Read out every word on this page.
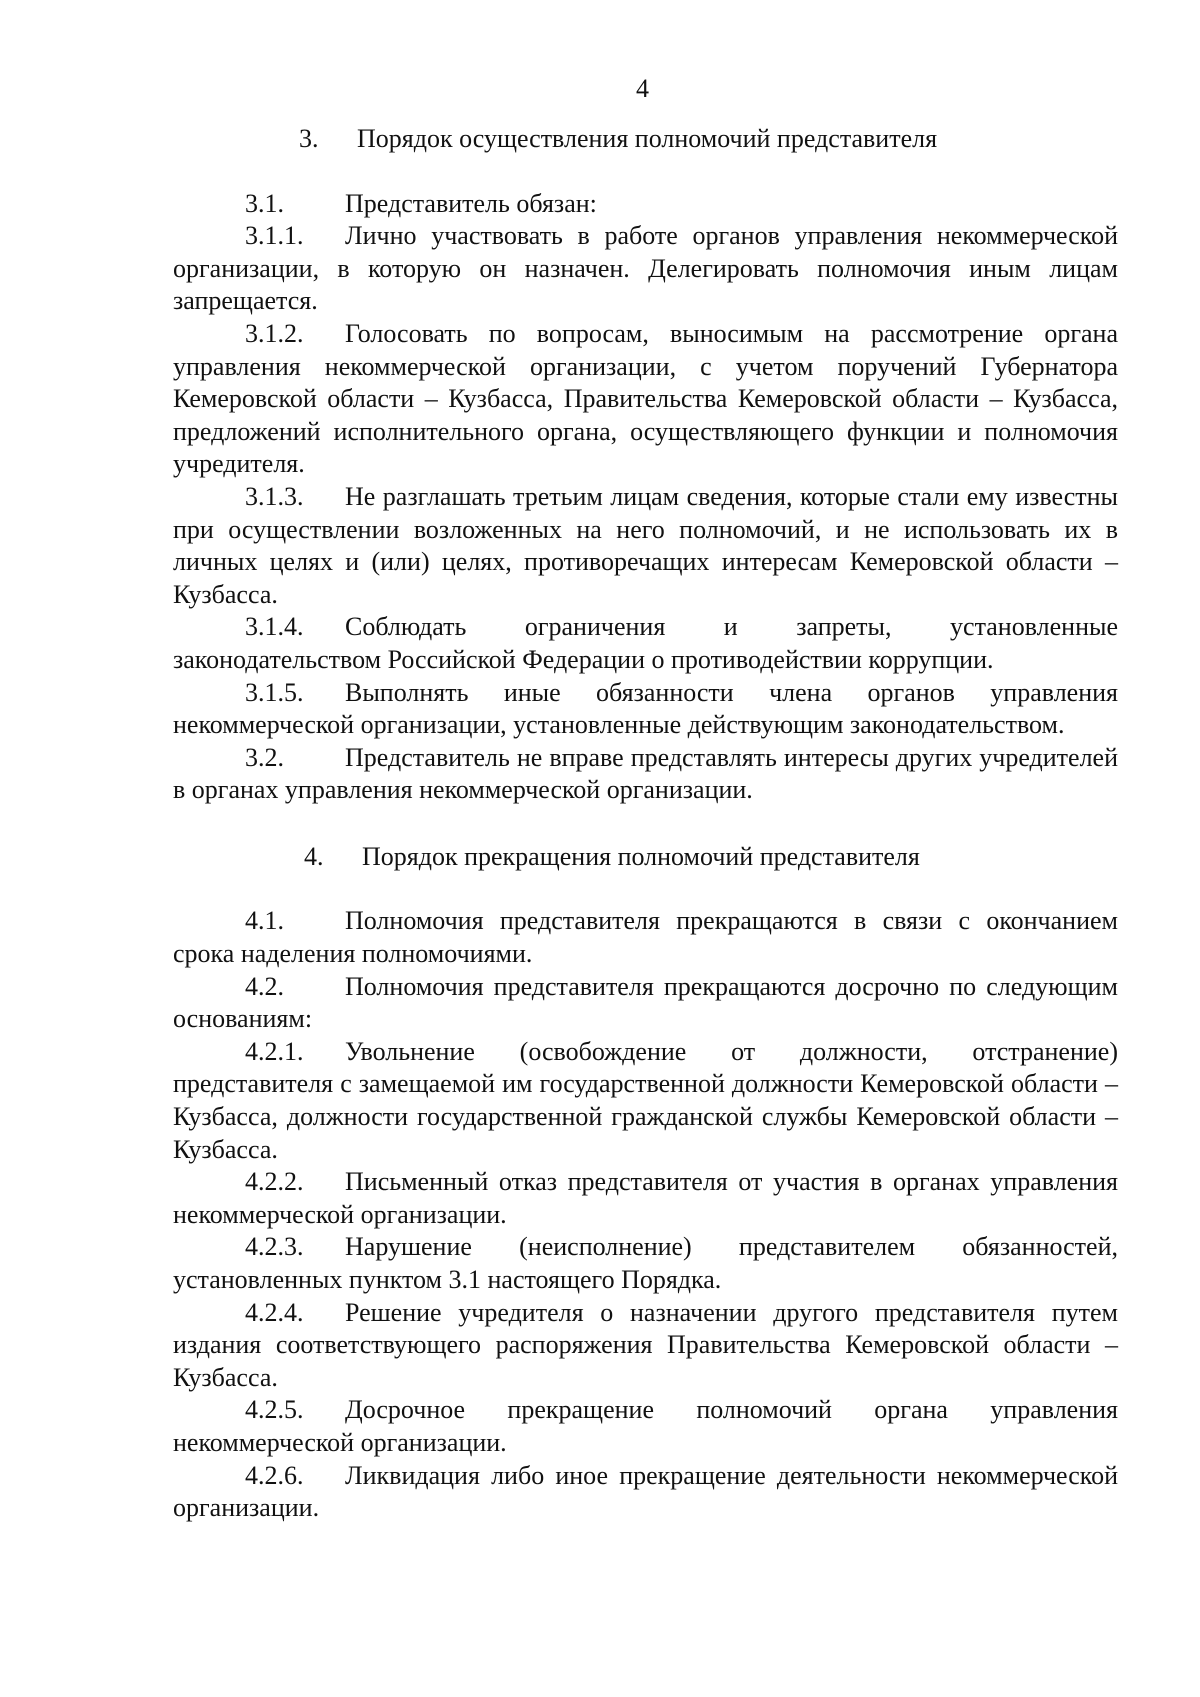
4
3.	Порядок осуществления полномочий представителя

3.1. Представитель обязан:

3.1.1. Лично участвовать в работе органов управления некоммерческой организации, в которую он назначен. Делегировать полномочия иным лицам запрещается.

3.1.2. Голосовать по вопросам, выносимым на рассмотрение органа управления некоммерческой организации, с учетом поручений Губернатора Кемеровской области – Кузбасса, Правительства Кемеровской области – Кузбасса, предложений исполнительного органа, осуществляющего функции и полномочия учредителя.

3.1.3. Не разглашать третьим лицам сведения, которые стали ему известны при осуществлении возложенных на него полномочий, и не использовать их в личных целях и (или) целях, противоречащих интересам Кемеровской области – Кузбасса.

3.1.4. Соблюдать ограничения и запреты, установленные законодательством Российской Федерации о противодействии коррупции.

3.1.5. Выполнять иные обязанности члена органов управления некоммерческой организации, установленные действующим законодательством.

3.2. Представитель не вправе представлять интересы других учредителей в органах управления некоммерческой организации.

4.	Порядок прекращения полномочий представителя

4.1. Полномочия представителя прекращаются в связи с окончанием срока наделения полномочиями.

4.2. Полномочия представителя прекращаются досрочно по следующим основаниям:

4.2.1. Увольнение (освобождение от должности, отстранение) представителя с замещаемой им государственной должности Кемеровской области – Кузбасса, должности государственной гражданской службы Кемеровской области – Кузбасса.

4.2.2. Письменный отказ представителя от участия в органах управления некоммерческой организации.

4.2.3. Нарушение (неисполнение) представителем обязанностей, установленных пунктом 3.1 настоящего Порядка.

4.2.4. Решение учредителя о назначении другого представителя путем издания соответствующего распоряжения Правительства Кемеровской области – Кузбасса.

4.2.5. Досрочное прекращение полномочий органа управления некоммерческой организации.

4.2.6. Ликвидация либо иное прекращение деятельности некоммерческой организации.
